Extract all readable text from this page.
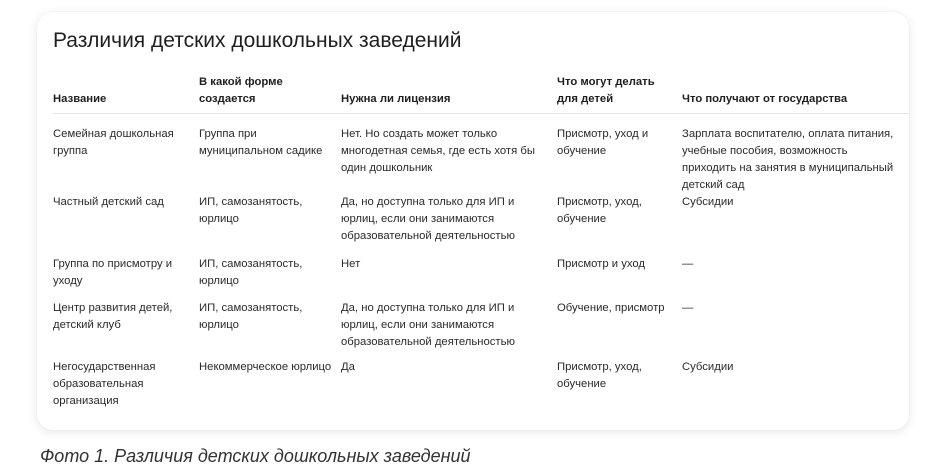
Различия детских дошкольных заведений
Название	В какой форме создается	Нужна ли лицензия	Что могут делать для детей	Что получают от государства
Семейная дошкольная группа	Группа при муниципальном садике	Нет. Но создать может только многодетная семья, где есть хотя бы один дошкольник	Присмотр, уход и обучение	Зарплата воспитателю, оплата питания, учебные пособия, возможность приходить на занятия в муниципальный детский сад
Частный детский сад	ИП, самозанятость, юрлицо	Да, но доступна только для ИП и юрлиц, если они занимаются образовательной деятельностью	Присмотр, уход, обучение	Субсидии
Группа по присмотру и уходу	ИП, самозанятость, юрлицо	Нет	Присмотр и уход	—
Центр развития детей, детский клуб	ИП, самозанятость, юрлицо	Да, но доступна только для ИП и юрлиц, если они занимаются образовательной деятельностью	Обучение, присмотр	—
Негосударственная образовательная организация	Некоммерческое юрлицо	Да	Присмотр, уход, обучение	Субсидии

Фото 1. Различия детских дошкольных заведений
